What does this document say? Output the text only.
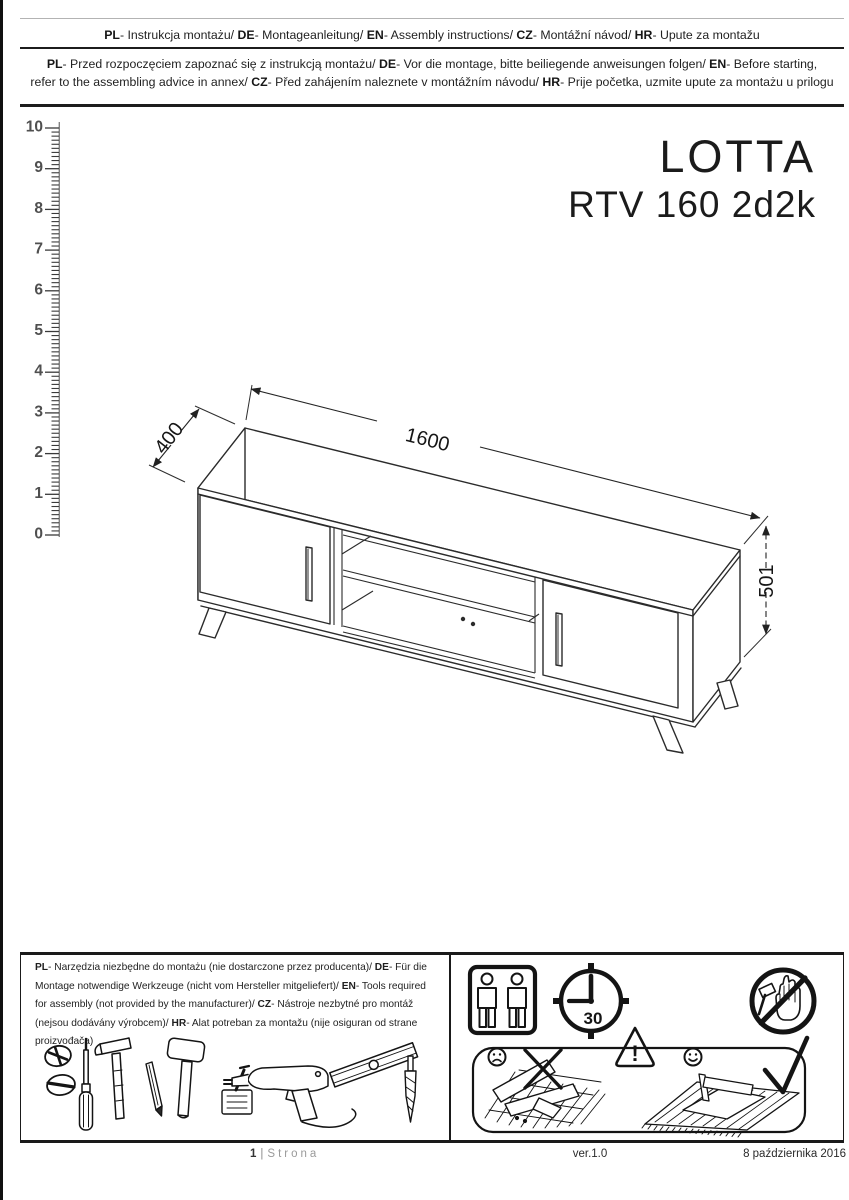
PL- Instrukcja montażu/ DE- Montageanleitung/ EN- Assembly instructions/ CZ- Montážní návod/ HR- Upute za montažu
PL- Przed rozpoczęciem zapoznać się z instrukcją montażu/ DE- Vor die montage, bitte beiliegende anweisungen folgen/ EN- Before starting,
refer to the assembling advice in annex/ CZ- Před zahájením naleznete v montážním návodu/ HR- Prije početka, uzmite upute za montażu u prilogu
10
9
8
7
6
5
4
3
2
1
0
LOTTA
RTV 160 2d2k
400	1600
501
PL- Narzędzia niezbędne do montażu (nie dostarczone przez producenta)/ DE- Für die Montage notwendige Werkzeuge (nicht vom Hersteller mitgeliefert)/ EN- Tools required for assembly (not provided by the manufacturer)/ CZ- Nástroje nezbytné pro montáž (nejsou dodávány výrobcem)/ HR- Alat potreban za montažu (nije osiguran od strane proizvođača)
30
!
1 | Strona	ver.1.0	8 października 2016
